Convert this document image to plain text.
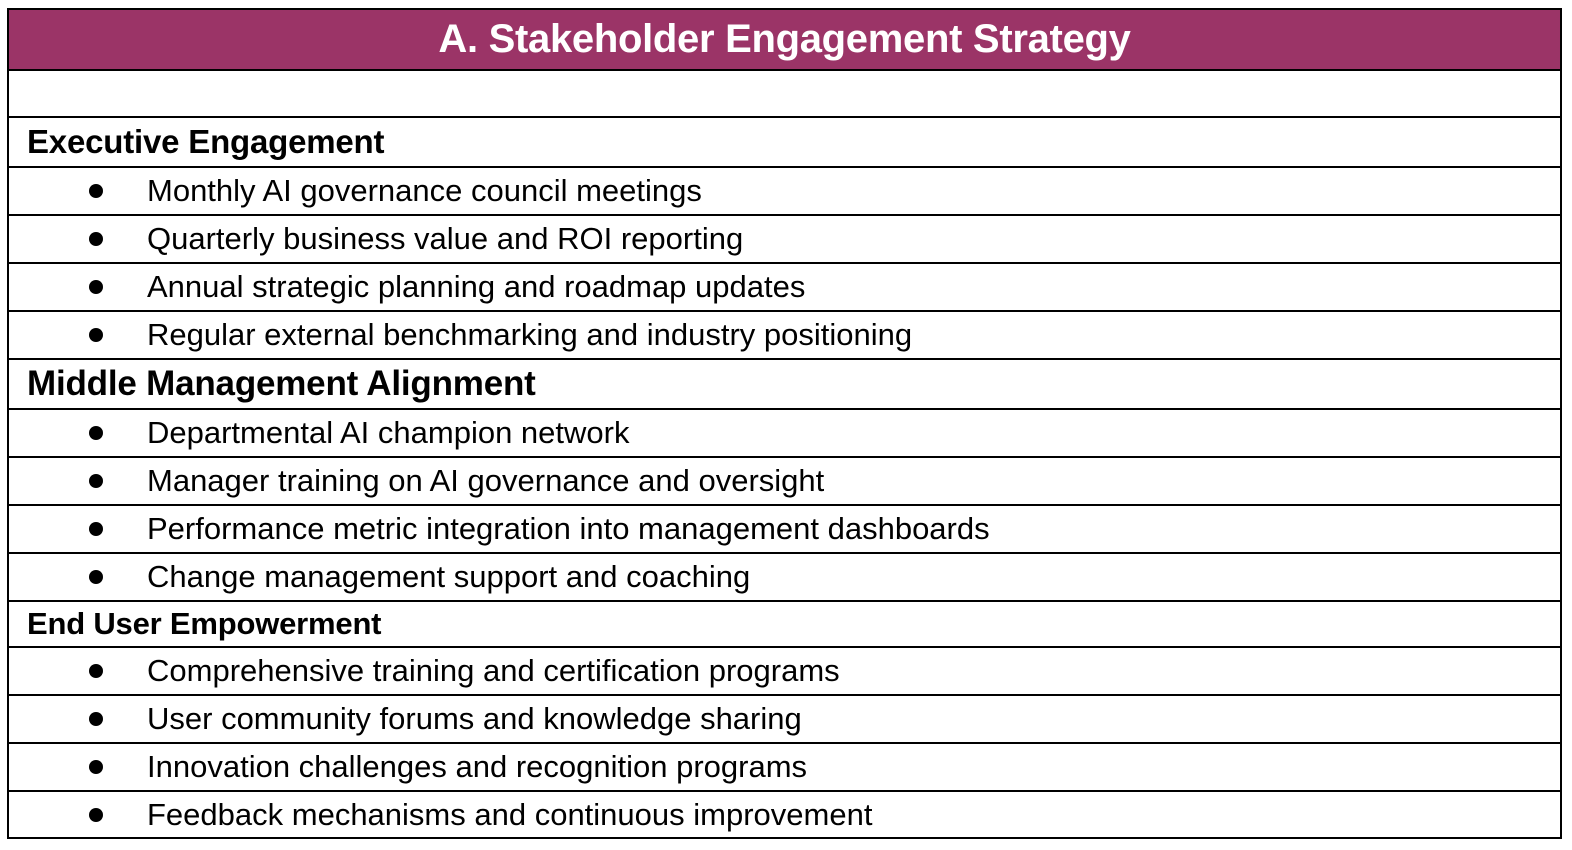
A. Stakeholder Engagement Strategy
Executive Engagement
Monthly AI governance council meetings
Quarterly business value and ROI reporting
Annual strategic planning and roadmap updates
Regular external benchmarking and industry positioning
Middle Management Alignment
Departmental AI champion network
Manager training on AI governance and oversight
Performance metric integration into management dashboards
Change management support and coaching
End User Empowerment
Comprehensive training and certification programs
User community forums and knowledge sharing
Innovation challenges and recognition programs
Feedback mechanisms and continuous improvement
